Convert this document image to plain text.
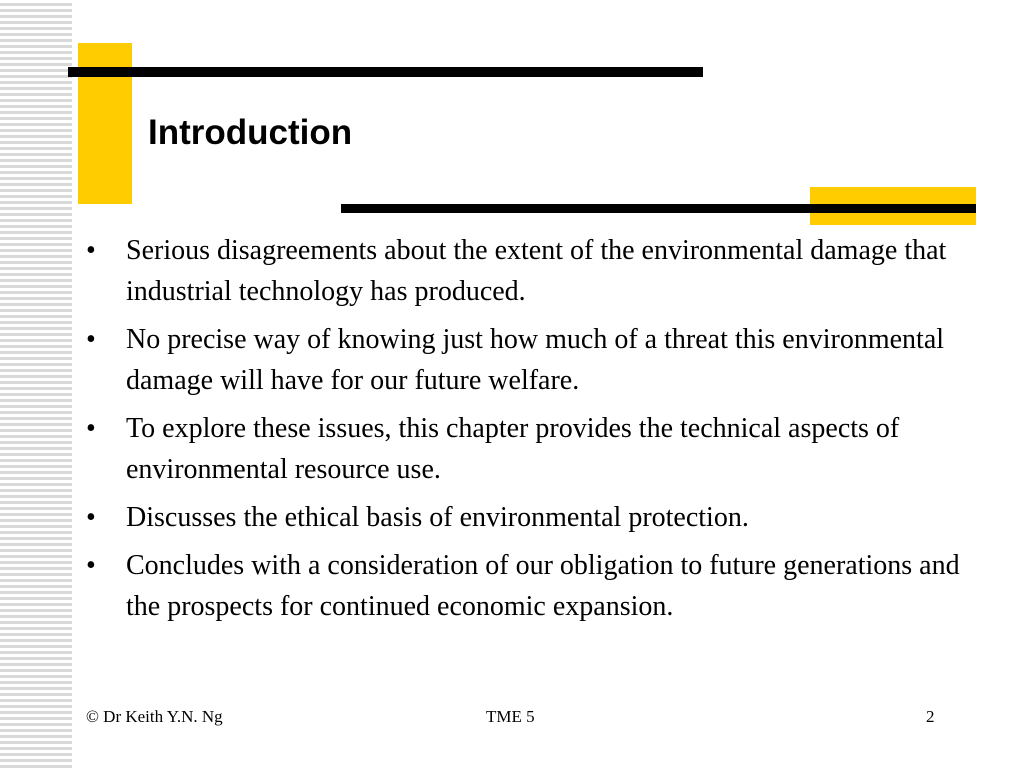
Introduction
•	Serious disagreements about the extent of the environmental damage that industrial technology has produced.
•	No precise way of knowing just how much of a threat this environmental damage will have for our future welfare.
•	To explore these issues, this chapter provides the technical aspects of environmental resource use.
•	Discusses the ethical basis of environmental protection.
•	Concludes with a consideration of our obligation to future generations and the prospects for continued economic expansion.
© Dr Keith Y.N. Ng	TME 5	2
